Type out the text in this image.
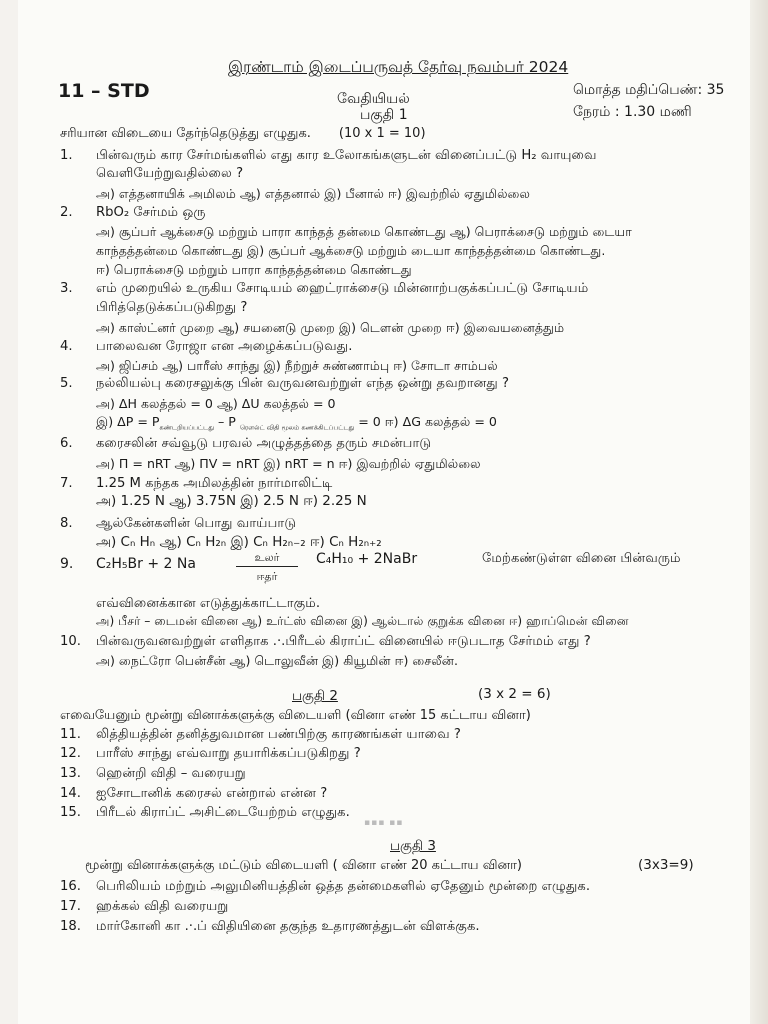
இரண்டாம் இடைப்பருவத் தேர்வு நவம்பர் 2024
11 – STD	வேதியியல்
மொத்த மதிப்பெண்: 35
பகுதி 1	நேரம் : 1.30 மணி
சரியான விடையை தேர்ந்தெடுத்து எழுதுக. (10 x 1 = 10)
1. பின்வரும் கார சேர்மங்களில் எது கார உலோகங்களுடன் வினைப்பட்டு H₂ வாயுவை
வெளியேற்றுவதில்லை ?
அ) எத்தனாயிக் அமிலம் ஆ) எத்தனால் இ) பீனால் ஈ) இவற்றில் ஏதுமில்லை
2. RbO₂ சேர்மம் ஒரு
அ) சூப்பர் ஆக்சைடு மற்றும் பாரா காந்தத் தன்மை கொண்டது ஆ) பெராக்சைடு மற்றும் டையா
காந்தத்தன்மை கொண்டது இ) சூப்பர் ஆக்சைடு மற்றும் டையா காந்தத்தன்மை கொண்டது.
ஈ) பெராக்சைடு மற்றும் பாரா காந்தத்தன்மை கொண்டது
3. எம் முறையில் உருகிய சோடியம் ஹைட்ராக்சைடு மின்னாற்பகுக்கப்பட்டு சோடியம்
பிரித்தெடுக்கப்படுகிறது ?
அ) காஸ்ட்னர் முறை ஆ) சயனைடு முறை இ) டௌன் முறை ஈ) இவையனைத்தும்
4. பாலைவன ரோஜா என அழைக்கப்படுவது.
அ) ஜிப்சம் ஆ) பாரீஸ் சாந்து இ) நீற்றுச் சுண்ணாம்பு ஈ) சோடா சாம்பல்
5. நல்லியல்பு கரைசலுக்கு பின் வருவனவற்றுள் எந்த ஒன்று தவறானது ?
அ) ΔH கலத்தல் = 0 ஆ) ΔU கலத்தல் = 0
இ) $\Delta P = P_{கண்டறியப்பட்டது} - P$ $_{ரௌல்ட் விதி மூலம் கணக்கிடப்பட்டது}$ = 0 ஈ) ΔG கலத்தல் = 0
6. கரைசலின் சவ்வூடு பரவல் அழுத்தத்தை தரும் சமன்பாடு
அ) Π = nRT ஆ) ΠV = nRT இ) nRT = n ஈ) இவற்றில் ஏதுமில்லை
7. 1.25 M கந்தக அமிலத்தின் நார்மாலிட்டி
அ) 1.25 N ஆ) 3.75N இ) 2.5 N ஈ) 2.25 N
8. ஆல்கேன்களின் பொது வாய்பாடு
அ) Cₙ Hₙ ஆ) Cₙ H₂ₙ இ) Cₙ H₂ₙ₋₂ ஈ) Cₙ H₂ₙ₊₂
9. C₂H₅Br + 2 Na	உலர்
ஈதர்
C₄H₁₀ + 2NaBr	மேற்கண்டுள்ள வினை பின்வரும்
எவ்வினைக்கான எடுத்துக்காட்டாகும்.
அ) பீசர் – டைமன் வினை ஆ) உர்ட்ஸ் வினை இ) ஆல்டால் குறுக்க வினை ஈ) ஹாப்மென் வினை
10. பின்வருவனவற்றுள் எளிதாக .·.பிரீடல் கிராப்ட் வினையில் ஈடுபடாத சேர்மம் எது ?
அ) நைட்ரோ பென்சீன் ஆ) டொலுவீன் இ) கியூமின் ஈ) சைலீன்.
பகுதி 2	(3 x 2 = 6)
எவையேனும் மூன்று வினாக்களுக்கு விடையளி (வினா எண் 15 கட்டாய வினா)
11. லித்தியத்தின் தனித்துவமான பண்பிற்கு காரணங்கள் யாவை ?
12. பாரீஸ் சாந்து எவ்வாறு தயாரிக்கப்படுகிறது ?
13. ஹென்றி விதி – வரையறு
14. ஐசோடானிக் கரைசல் என்றால் என்ன ?
15. பிரீடல் கிராப்ட் அசிட்டையேற்றம் எழுதுக.
▪▪▪ ▪▪
பகுதி 3
மூன்று வினாக்களுக்கு மட்டும் விடையளி ( வினா எண் 20 கட்டாய வினா)	(3x3=9)
16. பெரிலியம் மற்றும் அலுமினியத்தின் ஒத்த தன்மைகளில் ஏதேனும் மூன்றை எழுதுக.
17. ஹக்கல் விதி வரையறு
18. மார்கோனி கா .·.ப் விதியினை தகுந்த உதாரணத்துடன் விளக்குக.
